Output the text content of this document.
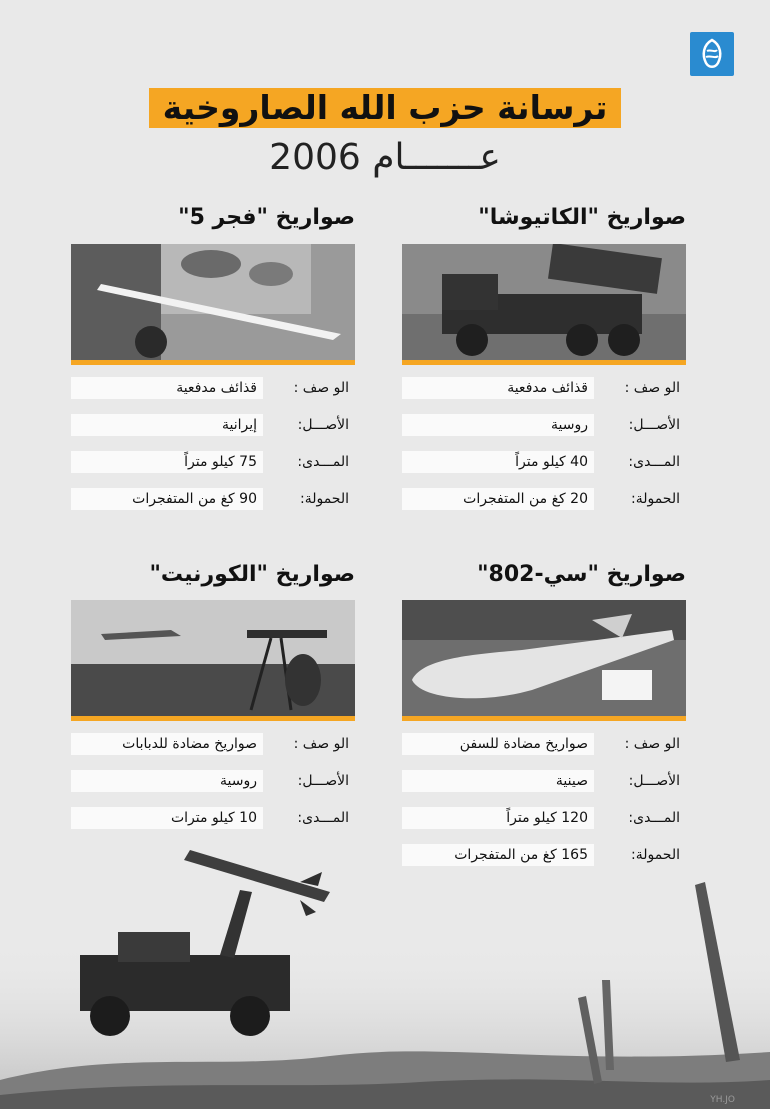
ترسانة حزب الله الصاروخية
عـــــــام 2006
صواريخ "الكاتيوشا"
الو صف :
قذائف مدفعية
الأصـــل:
روسية
المـــدى:
40 كيلو متراً
الحمولة:
20 كغ من المتفجرات
صواريخ "فجر 5"
الو صف :
قذائف مدفعية
الأصـــل:
إيرانية
المـــدى:
75 كيلو متراً
الحمولة:
90 كغ من المتفجرات
صواريخ "سي-802"
الو صف :
صواريخ مضادة للسفن
الأصـــل:
صينية
المـــدى:
120 كيلو متراً
الحمولة:
165 كغ من المتفجرات
صواريخ "الكورنيت"
الو صف :
صواريخ مضادة للدبابات
الأصـــل:
روسية
المـــدى:
10 كيلو مترات
YH.JO
